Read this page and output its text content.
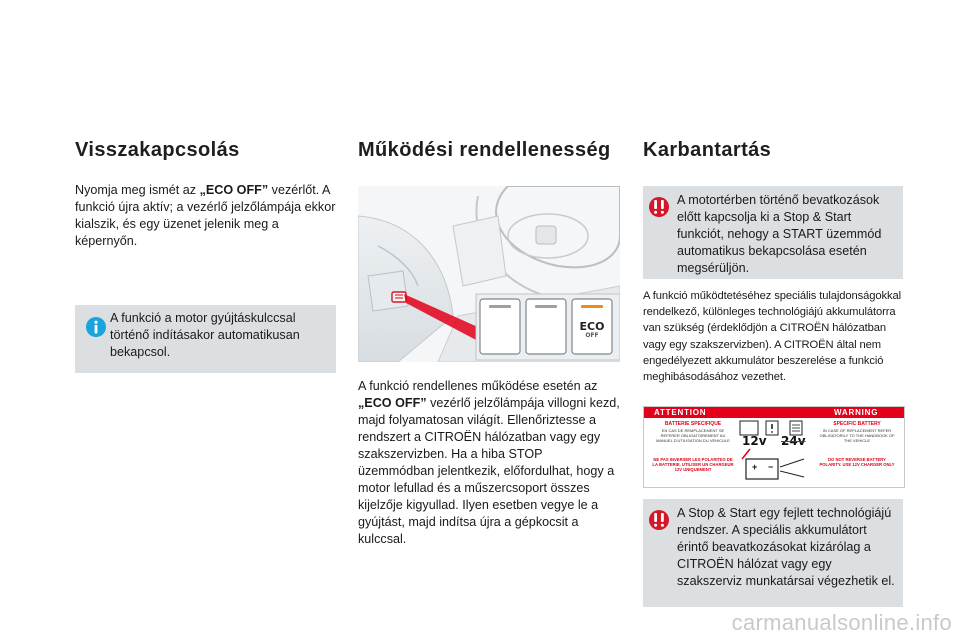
Visszakapcsolás
Nyomja meg ismét az „ECO OFF” vezérlőt. A funkció újra aktív; a vezérlő jelzőlámpája ekkor kialszik, és egy üzenet jelenik meg a képernyőn.
A funkció a motor gyújtáskulccsal történő indításakor automatikusan bekapcsol.
Működési rendellenesség
ECO
OFF
A funkció rendellenes működése esetén az „ECO OFF” vezérlő jelzőlámpája villogni kezd, majd folyamatosan világít. Ellenőriztesse a rendszert a CITROËN hálózatban vagy egy szakszervizben. Ha a hiba STOP üzemmódban jelentkezik, előfordulhat, hogy a motor lefullad és a műszercsoport összes kijelzője kigyullad. Ilyen esetben vegye le a gyújtást, majd indítsa újra a gépkocsit a kulccsal.
Karbantartás
A motortérben történő bevatkozások előtt kapcsolja ki a Stop & Start funkciót, nehogy a START üzemmód automatikus bekapcsolása esetén megsérüljön.
A funkció működtetéséhez speciális tulajdonságokkal rendelkező, különleges technológiájú akkumulátorra van szükség (érdeklődjön a CITROËN hálózatban vagy egy szakszervizben). A CITROËN által nem engedélyezett akkumulátor beszerelése a funkció meghibásodásához vezethet.
ATTENTION	WARNING
BATTERIE SPECIFIQUE
EN CAS DE REMPLACEMENT SE REFERER OBLIGATOIREMENT AU MANUEL D'UTILISATION DU VEHICULE
NE PAS INVERSER LES POLARITES DE LA BATTERIE. UTILISER UN CHARGEUR 12V UNIQUEMENT
SPECIFIC BATTERY
IN CASE OF REPLACEMENT REFER OBLIGATORILY TO THE HANDBOOK OF THE VEHICLE
DO NOT REVERSE BATTERY POLARITY. USE 12V CHARGER ONLY
12v 24v
+ −
A Stop & Start egy fejlett technológiájú rendszer. A speciális akkumulátort érintő beavatkozásokat kizárólag a CITROËN hálózat vagy egy szakszerviz munkatársai végezhetik el.
carmanualsonline.info
